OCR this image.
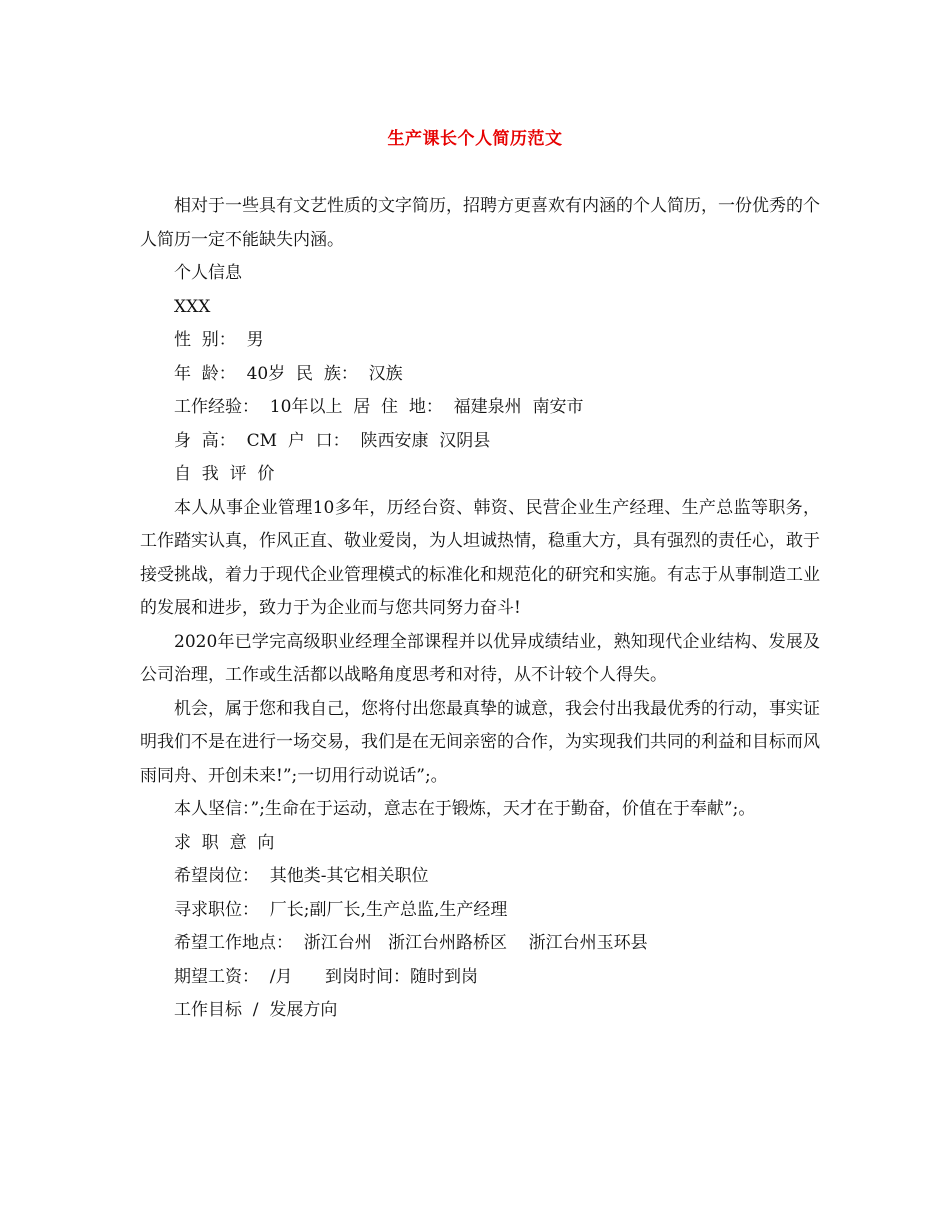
生产课长个人简历范文

相对于一些具有文艺性质的文字简历，招聘方更喜欢有内涵的个人简历，一份优秀的个人简历一定不能缺失内涵。

个人信息

XXX

性  别：  男

年  龄：  40岁  民  族：  汉族

工作经验：  10年以上  居  住  地：  福建泉州  南安市

身  高：  CM  户  口：  陕西安康  汉阴县

自  我  评  价

本人从事企业管理10多年，历经台资、韩资、民营企业生产经理、生产总监等职务，工作踏实认真，作风正直、敬业爱岗，为人坦诚热情，稳重大方，具有强烈的责任心，敢于接受挑战，着力于现代企业管理模式的标准化和规范化的研究和实施。有志于从事制造工业的发展和进步，致力于为企业而与您共同努力奋斗!

2020年已学完高级职业经理全部课程并以优异成绩结业，熟知现代企业结构、发展及公司治理，工作或生活都以战略角度思考和对待，从不计较个人得失。

机会，属于您和我自己，您将付出您最真挚的诚意，我会付出我最优秀的行动，事实证明我们不是在进行一场交易，我们是在无间亲密的合作，为实现我们共同的利益和目标而风雨同舟、开创未来!”;一切用行动说话”;。

本人坚信：”;生命在于运动，意志在于锻炼，天才在于勤奋，价值在于奉献”;。

求  职  意  向

希望岗位：  其他类-其它相关职位

寻求职位：  厂长;副厂长,生产总监,生产经理

希望工作地点：  浙江台州   浙江台州路桥区    浙江台州玉环县

期望工资：  /月      到岗时间：随时到岗

工作目标  /  发展方向
